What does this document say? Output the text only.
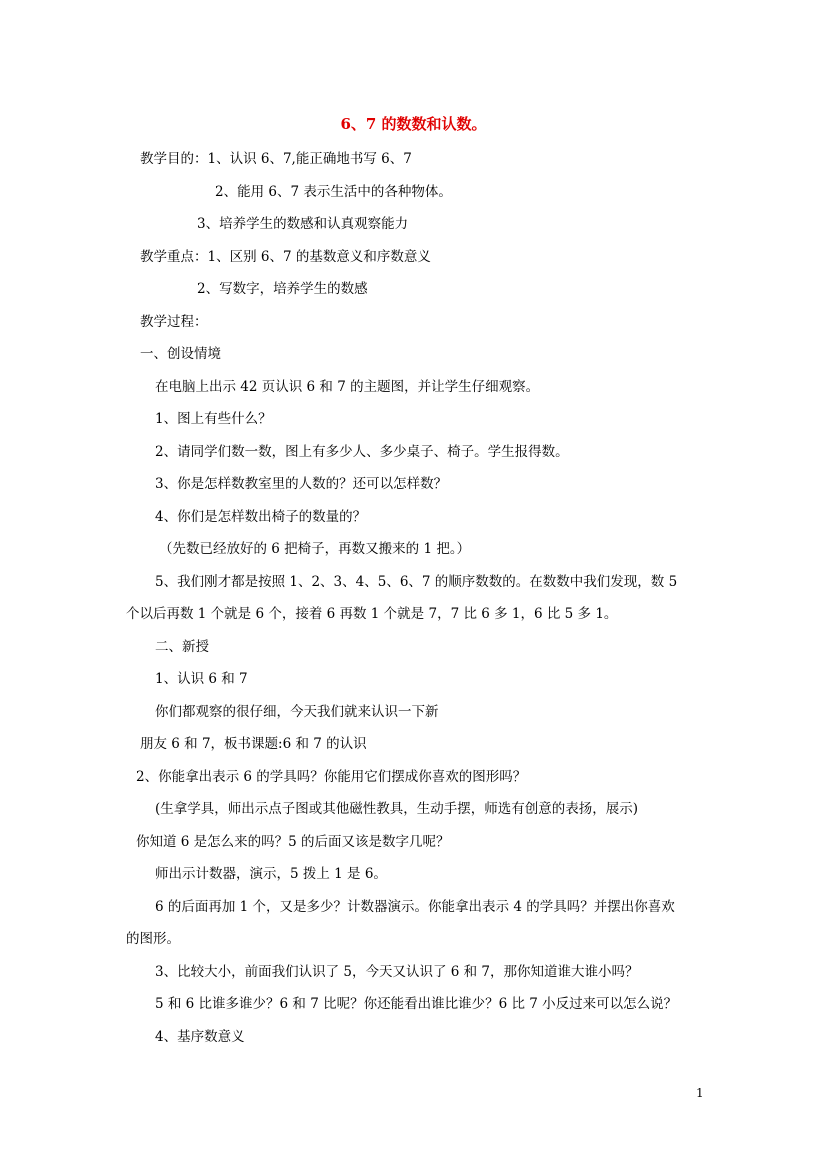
6、7 的数数和认数。
教学目的：1、认识 6、7,能正确地书写 6、7
2、能用 6、7 表示生活中的各种物体。
3、培养学生的数感和认真观察能力
教学重点：1、区别 6、7 的基数意义和序数意义
2、写数字，培养学生的数感
教学过程：
一、创设情境
在电脑上出示 42 页认识 6 和 7 的主题图，并让学生仔细观察。
1、图上有些什么？
2、请同学们数一数，图上有多少人、多少桌子、椅子。学生报得数。
3、你是怎样数教室里的人数的？还可以怎样数？
4、你们是怎样数出椅子的数量的？
（先数已经放好的 6 把椅子，再数又搬来的 1 把。）
5、我们刚才都是按照 1、2、3、4、5、6、7 的顺序数数的。在数数中我们发现，数 5
个以后再数 1 个就是 6 个，接着 6 再数 1 个就是 7，7 比 6 多 1，6 比 5 多 1。
二、新授
1、认识 6 和 7
你们都观察的很仔细，今天我们就来认识一下新
朋友 6 和 7，板书课题:6 和 7 的认识
2、你能拿出表示 6 的学具吗？你能用它们摆成你喜欢的图形吗？
(生拿学具，师出示点子图或其他磁性教具，生动手摆，师选有创意的表扬，展示)
你知道 6 是怎么来的吗？5 的后面又该是数字几呢？
师出示计数器，演示，5 拨上 1 是 6。
6 的后面再加 1 个，又是多少？计数器演示。你能拿出表示 4 的学具吗？并摆出你喜欢
的图形。
3、比较大小，前面我们认识了 5，今天又认识了 6 和 7，那你知道谁大谁小吗？
5 和 6 比谁多谁少？6 和 7 比呢？你还能看出谁比谁少？6 比 7 小反过来可以怎么说？
4、基序数意义
1
